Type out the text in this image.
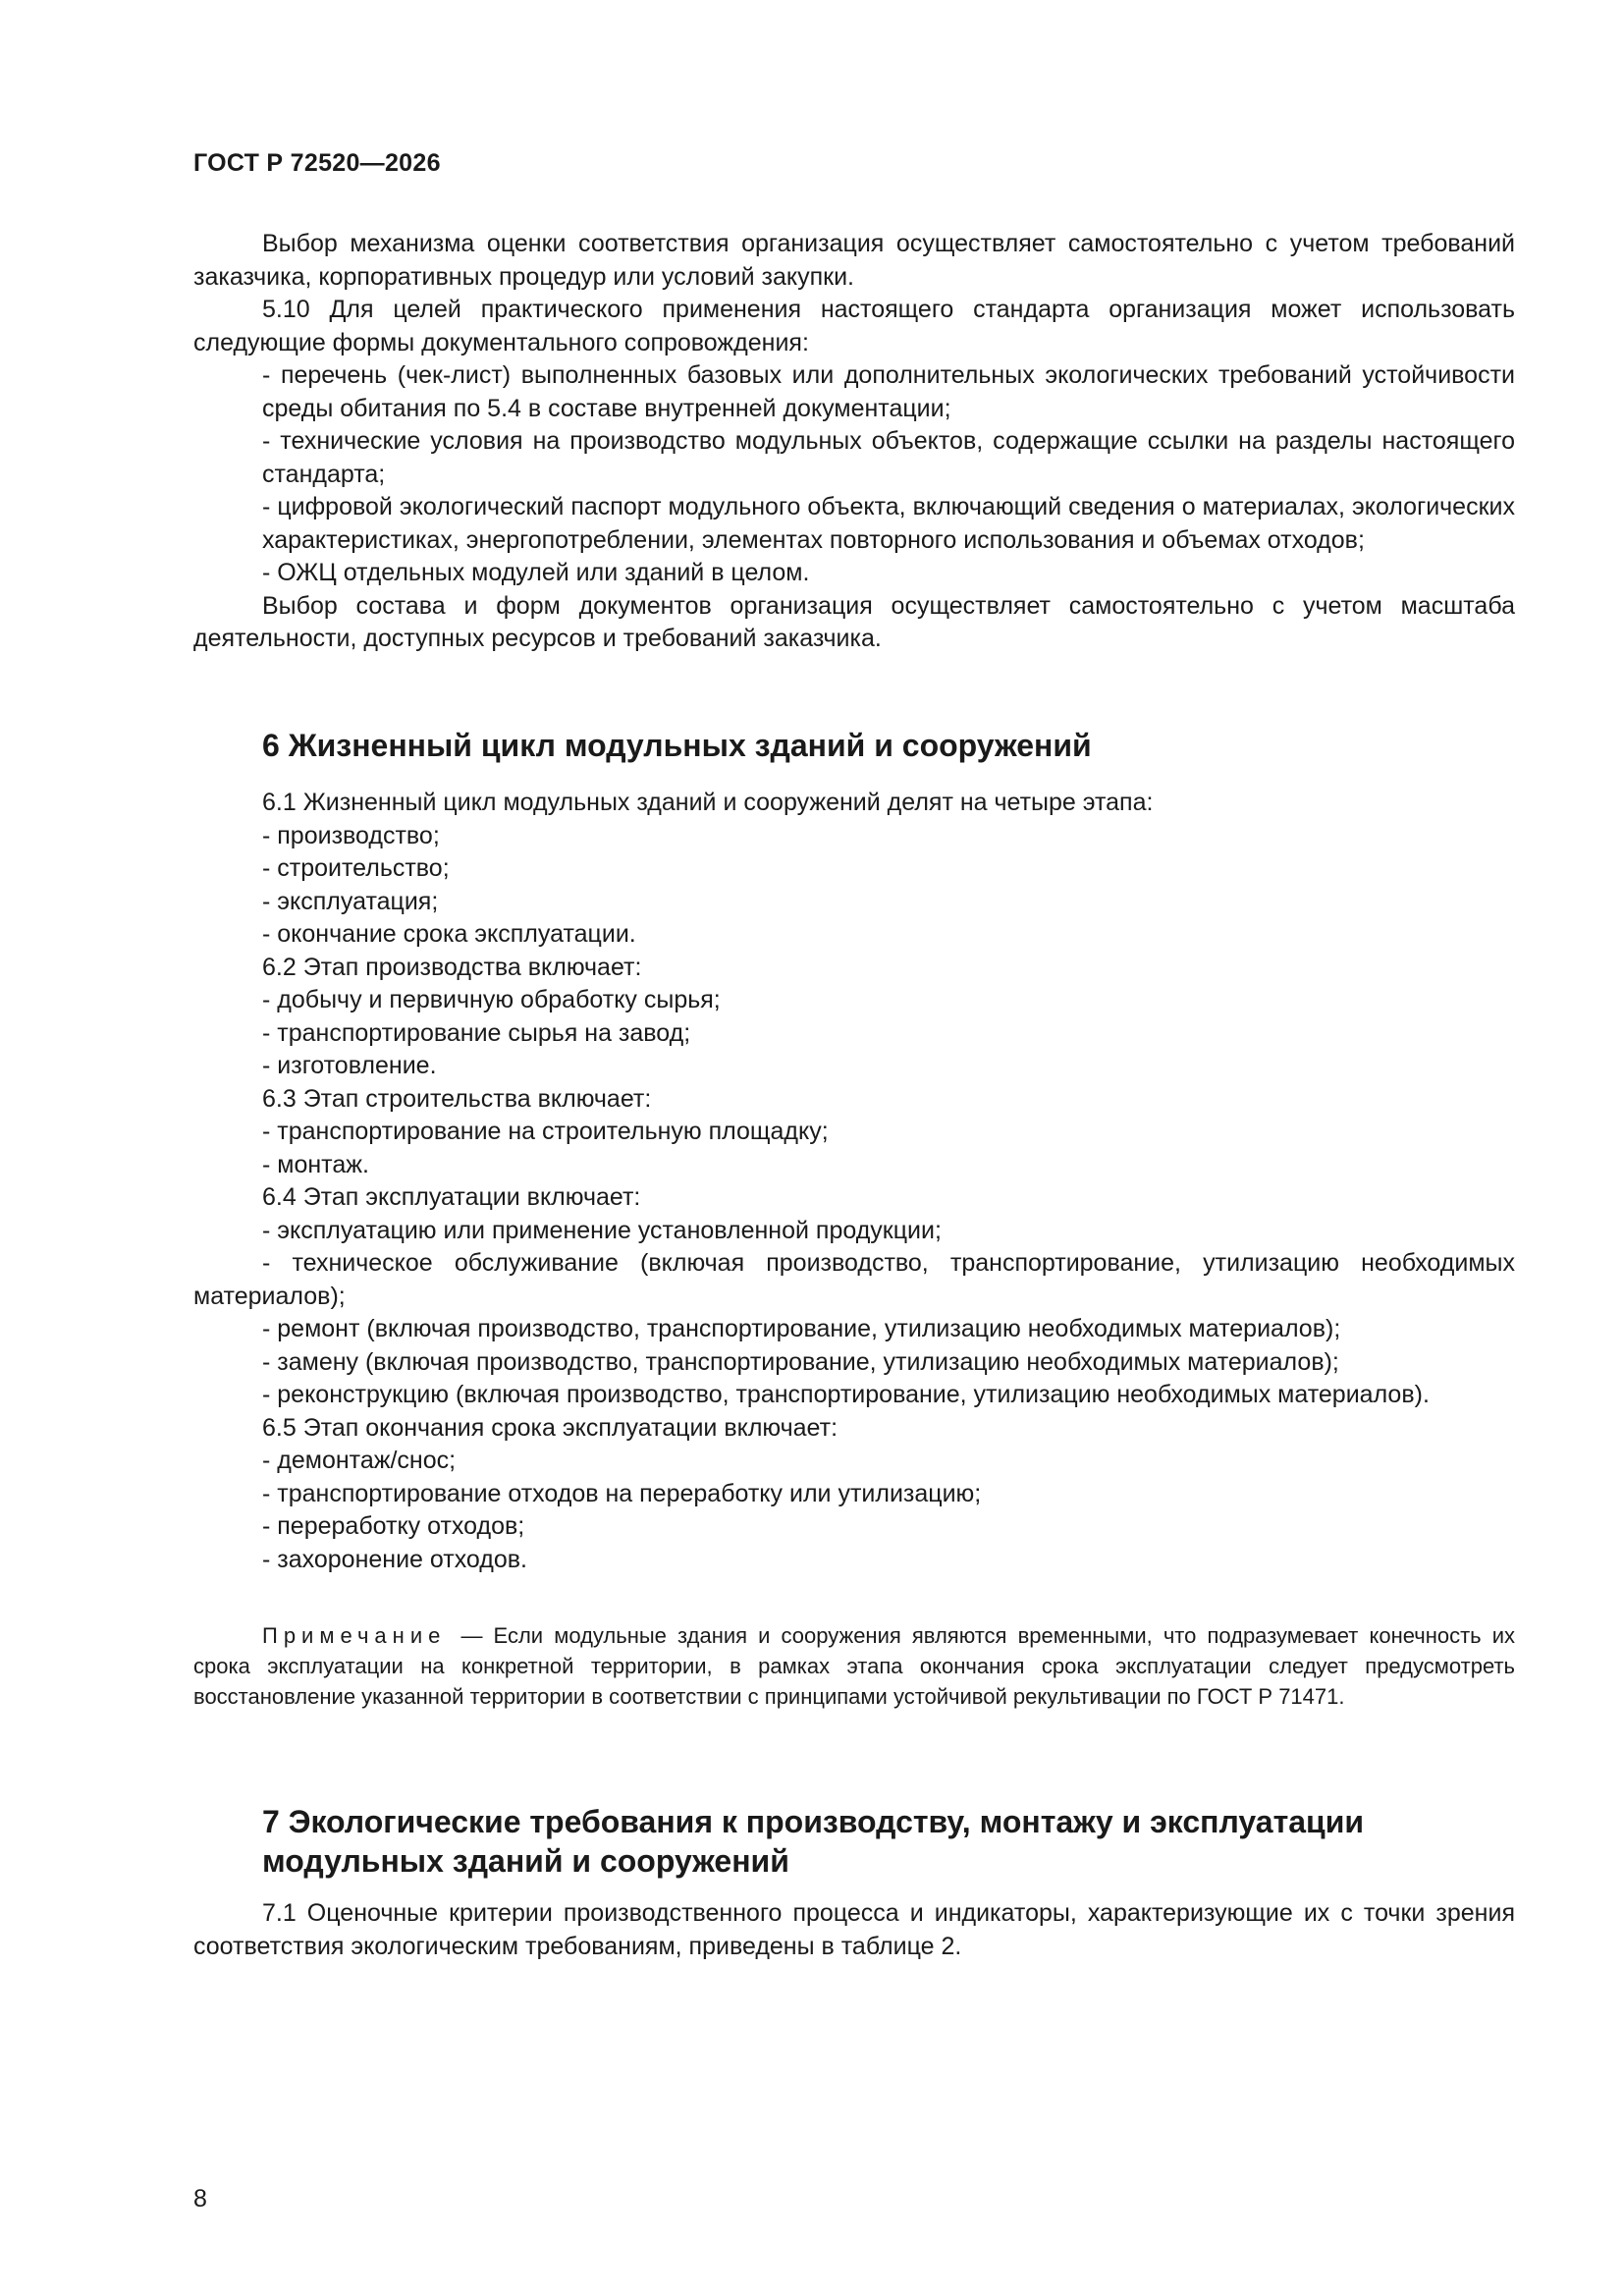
ГОСТ Р 72520—2026

Выбор механизма оценки соответствия организация осуществляет самостоятельно с учетом требований заказчика, корпоративных процедур или условий закупки.

5.10 Для целей практического применения настоящего стандарта организация может использовать следующие формы документального сопровождения:

- перечень (чек-лист) выполненных базовых или дополнительных экологических требований устойчивости среды обитания по 5.4 в составе внутренней документации;

- технические условия на производство модульных объектов, содержащие ссылки на разделы настоящего стандарта;

- цифровой экологический паспорт модульного объекта, включающий сведения о материалах, экологических характеристиках, энергопотреблении, элементах повторного использования и объемах отходов;

- ОЖЦ отдельных модулей или зданий в целом.

Выбор состава и форм документов организация осуществляет самостоятельно с учетом масштаба деятельности, доступных ресурсов и требований заказчика.

6 Жизненный цикл модульных зданий и сооружений

6.1 Жизненный цикл модульных зданий и сооружений делят на четыре этапа:

- производство;

- строительство;

- эксплуатация;

- окончание срока эксплуатации.

6.2 Этап производства включает:

- добычу и первичную обработку сырья;

- транспортирование сырья на завод;

- изготовление.

6.3 Этап строительства включает:

- транспортирование на строительную площадку;

- монтаж.

6.4 Этап эксплуатации включает:

- эксплуатацию или применение установленной продукции;

- техническое обслуживание (включая производство, транспортирование, утилизацию необходимых материалов);

- ремонт (включая производство, транспортирование, утилизацию необходимых материалов);

- замену (включая производство, транспортирование, утилизацию необходимых материалов);

- реконструкцию (включая производство, транспортирование, утилизацию необходимых материалов).

6.5 Этап окончания срока эксплуатации включает:

- демонтаж/снос;

- транспортирование отходов на переработку или утилизацию;

- переработку отходов;

- захоронение отходов.

Примечание — Если модульные здания и сооружения являются временными, что подразумевает конечность их срока эксплуатации на конкретной территории, в рамках этапа окончания срока эксплуатации следует предусмотреть восстановление указанной территории в соответствии с принципами устойчивой рекультивации по ГОСТ Р 71471.

7 Экологические требования к производству, монтажу и эксплуатации
модульных зданий и сооружений

7.1 Оценочные критерии производственного процесса и индикаторы, характеризующие их с точки зрения соответствия экологическим требованиям, приведены в таблице 2.

8
